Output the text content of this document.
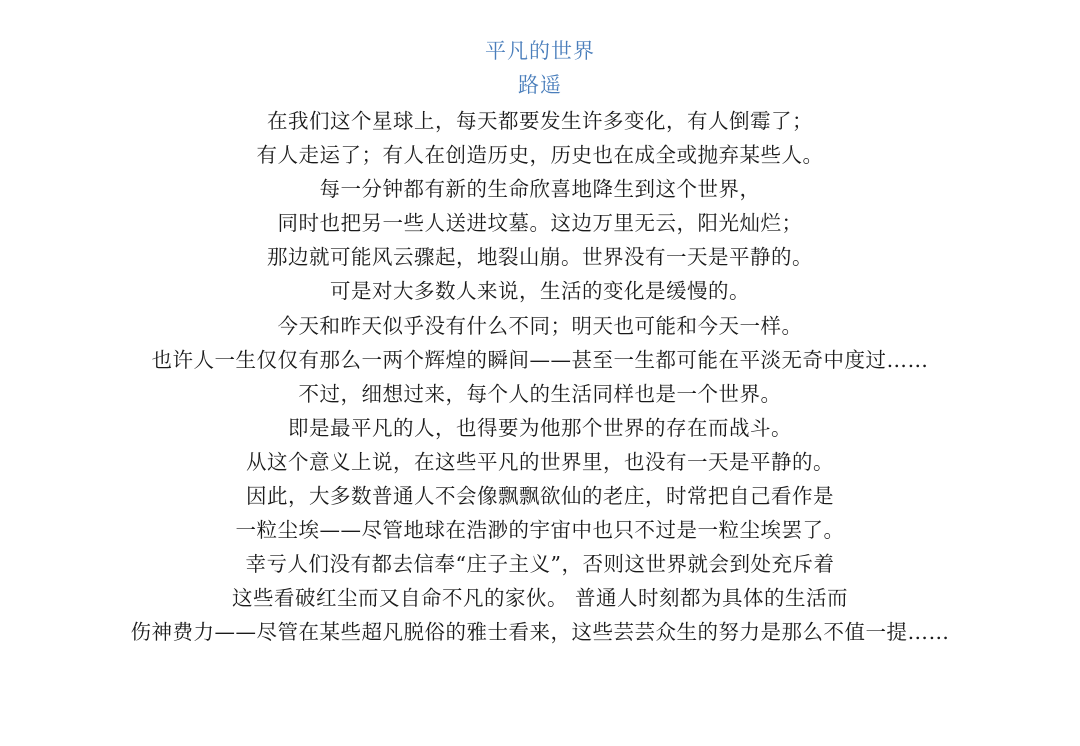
平凡的世界
路遥
在我们这个星球上，每天都要发生许多变化，有人倒霉了；
有人走运了；有人在创造历史，历史也在成全或抛弃某些人。
每一分钟都有新的生命欣喜地降生到这个世界，
同时也把另一些人送进坟墓。这边万里无云，阳光灿烂；
那边就可能风云骤起，地裂山崩。世界没有一天是平静的。
可是对大多数人来说，生活的变化是缓慢的。
今天和昨天似乎没有什么不同；明天也可能和今天一样。
也许人一生仅仅有那么一两个辉煌的瞬间——甚至一生都可能在平淡无奇中度过……
不过，细想过来，每个人的生活同样也是一个世界。
即是最平凡的人，也得要为他那个世界的存在而战斗。
从这个意义上说，在这些平凡的世界里，也没有一天是平静的。
因此，大多数普通人不会像飘飘欲仙的老庄，时常把自己看作是
一粒尘埃——尽管地球在浩渺的宇宙中也只不过是一粒尘埃罢了。
幸亏人们没有都去信奉“庄子主义”，否则这世界就会到处充斥着
这些看破红尘而又自命不凡的家伙。 普通人时刻都为具体的生活而
伤神费力——尽管在某些超凡脱俗的雅士看来，这些芸芸众生的努力是那么不值一提……
